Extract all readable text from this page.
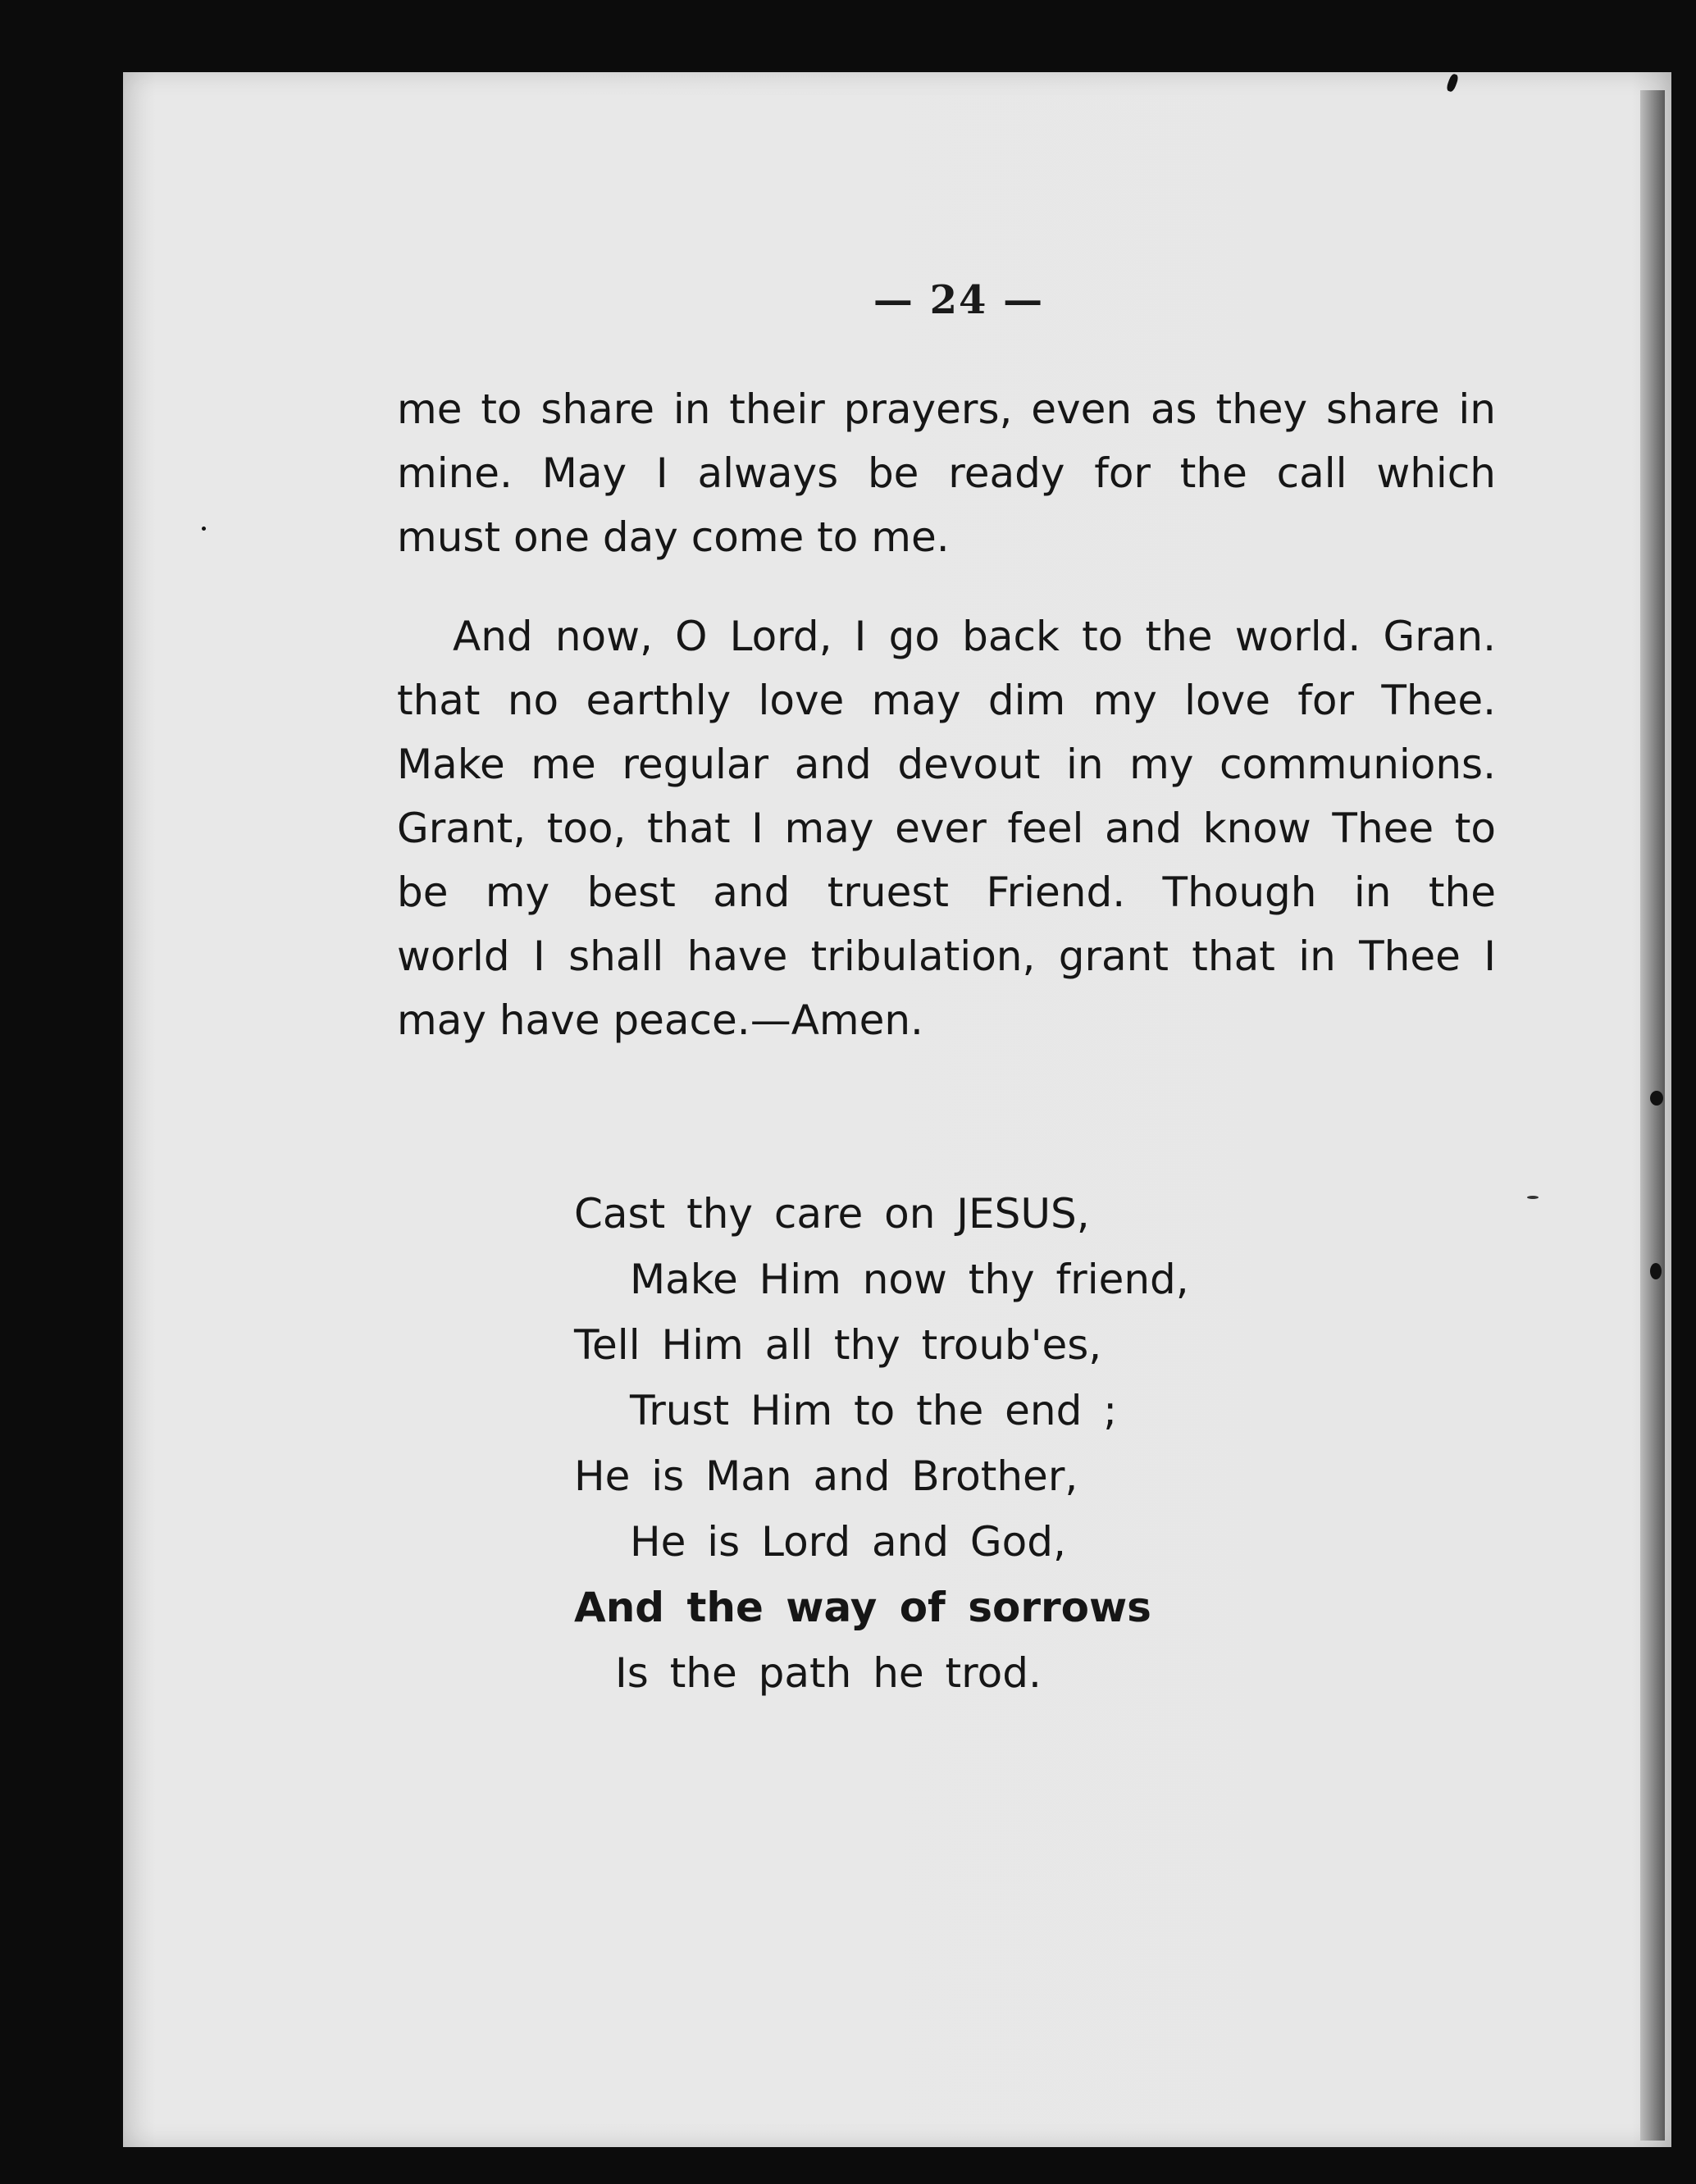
— 24 —

me to share in their prayers, even as they share in
mine. May I always be ready for the call which
must one day come to me.

And now, O Lord, I go back to the world. Gran.
that no earthly love may dim my love for Thee.
Make me regular and devout in my communions.
Grant, too, that I may ever feel and know Thee to
be my best and truest Friend. Though in the
world I shall have tribulation, grant that in Thee I
may have peace.—Amen.

Cast thy care on JESUS,
Make Him now thy friend,
Tell Him all thy troub'es,
Trust Him to the end ;
He is Man and Brother,
He is Lord and God,
And the way of sorrows
Is the path he trod.
